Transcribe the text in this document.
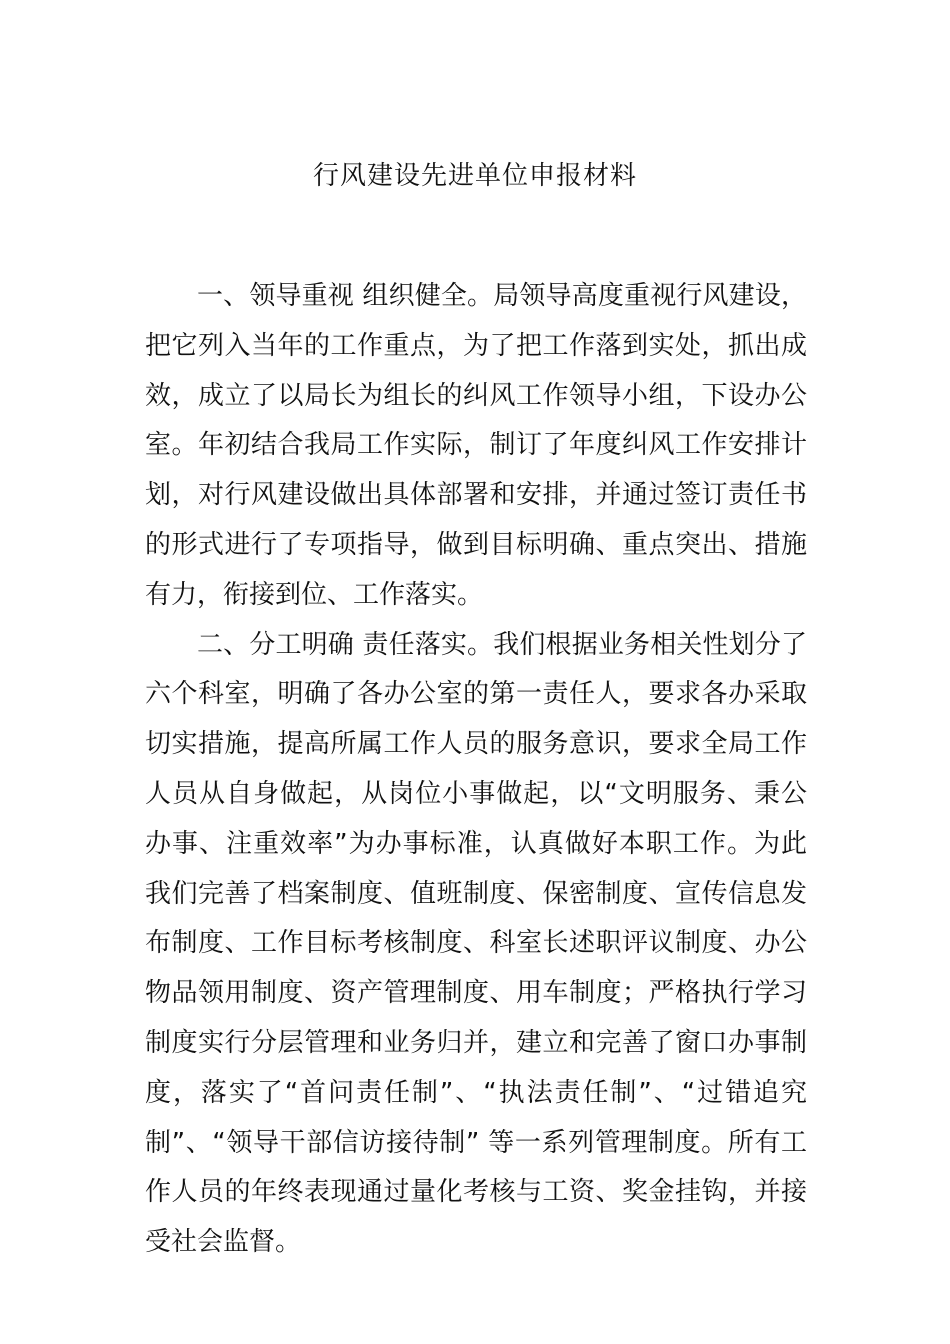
行风建设先进单位申报材料

一、领导重视 组织健全。局领导高度重视行风建设，把它列入当年的工作重点，为了把工作落到实处，抓出成效，成立了以局长为组长的纠风工作领导小组，下设办公室。年初结合我局工作实际，制订了年度纠风工作安排计划，对行风建设做出具体部署和安排，并通过签订责任书的形式进行了专项指导，做到目标明确、重点突出、措施有力，衔接到位、工作落实。

二、分工明确 责任落实。我们根据业务相关性划分了六个科室，明确了各办公室的第一责任人，要求各办采取切实措施，提高所属工作人员的服务意识，要求全局工作人员从自身做起，从岗位小事做起，以“文明服务、秉公办事、注重效率”为办事标准，认真做好本职工作。为此我们完善了档案制度、值班制度、保密制度、宣传信息发布制度、工作目标考核制度、科室长述职评议制度、办公物品领用制度、资产管理制度、用车制度；严格执行学习制度实行分层管理和业务归并，建立和完善了窗口办事制度，落实了“首问责任制”、“执法责任制”、“过错追究制”、“领导干部信访接待制” 等一系列管理制度。所有工作人员的年终表现通过量化考核与工资、奖金挂钩，并接受社会监督。
